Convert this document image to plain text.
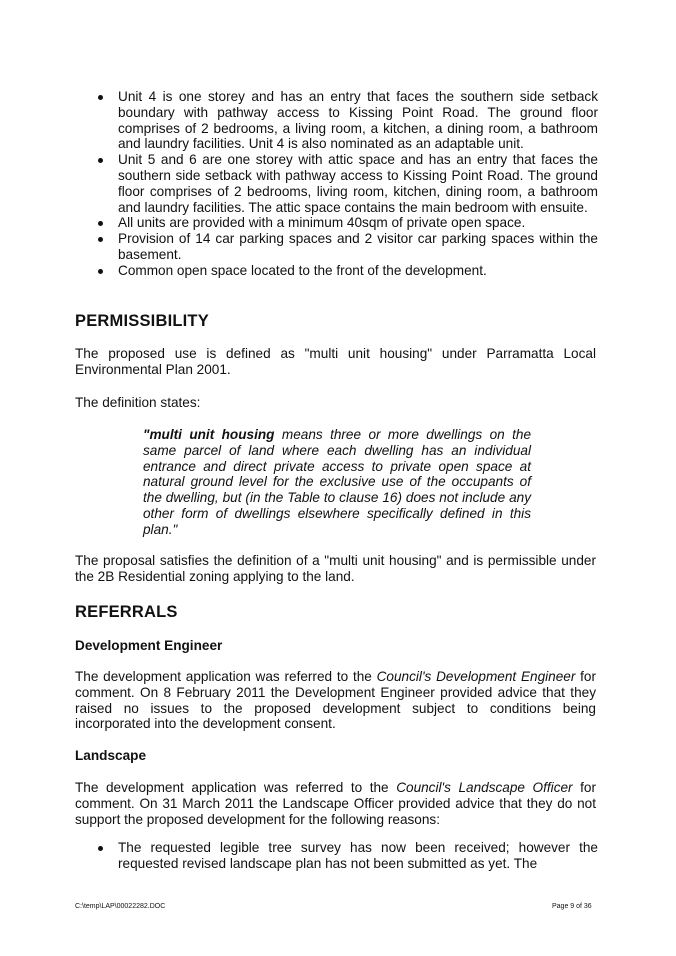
Unit 4 is one storey and has an entry that faces the southern side setback boundary with pathway access to Kissing Point Road. The ground floor comprises of 2 bedrooms, a living room, a kitchen, a dining room, a bathroom and laundry facilities. Unit 4 is also nominated as an adaptable unit.
Unit 5 and 6 are one storey with attic space and has an entry that faces the southern side setback with pathway access to Kissing Point Road. The ground floor comprises of 2 bedrooms, living room, kitchen, dining room, a bathroom and laundry facilities. The attic space contains the main bedroom with ensuite.
All units are provided with a minimum 40sqm of private open space.
Provision of 14 car parking spaces and 2 visitor car parking spaces within the basement.
Common open space located to the front of the development.
PERMISSIBILITY

The proposed use is defined as "multi unit housing" under Parramatta Local Environmental Plan 2001.

The definition states:

"multi unit housing means three or more dwellings on the same parcel of land where each dwelling has an individual entrance and direct private access to private open space at natural ground level for the exclusive use of the occupants of the dwelling, but (in the Table to clause 16) does not include any other form of dwellings elsewhere specifically defined in this plan."

The proposal satisfies the definition of a "multi unit housing" and is permissible under the 2B Residential zoning applying to the land.

REFERRALS
Development Engineer

The development application was referred to the Council's Development Engineer for comment. On 8 February 2011 the Development Engineer provided advice that they raised no issues to the proposed development subject to conditions being incorporated into the development consent.

Landscape

The development application was referred to the Council's Landscape Officer for comment. On 31 March 2011 the Landscape Officer provided advice that they do not support the proposed development for the following reasons:

The requested legible tree survey has now been received; however the requested revised landscape plan has not been submitted as yet. The
C:\temp\LAP\00022282.DOC	Page 9 of 36
